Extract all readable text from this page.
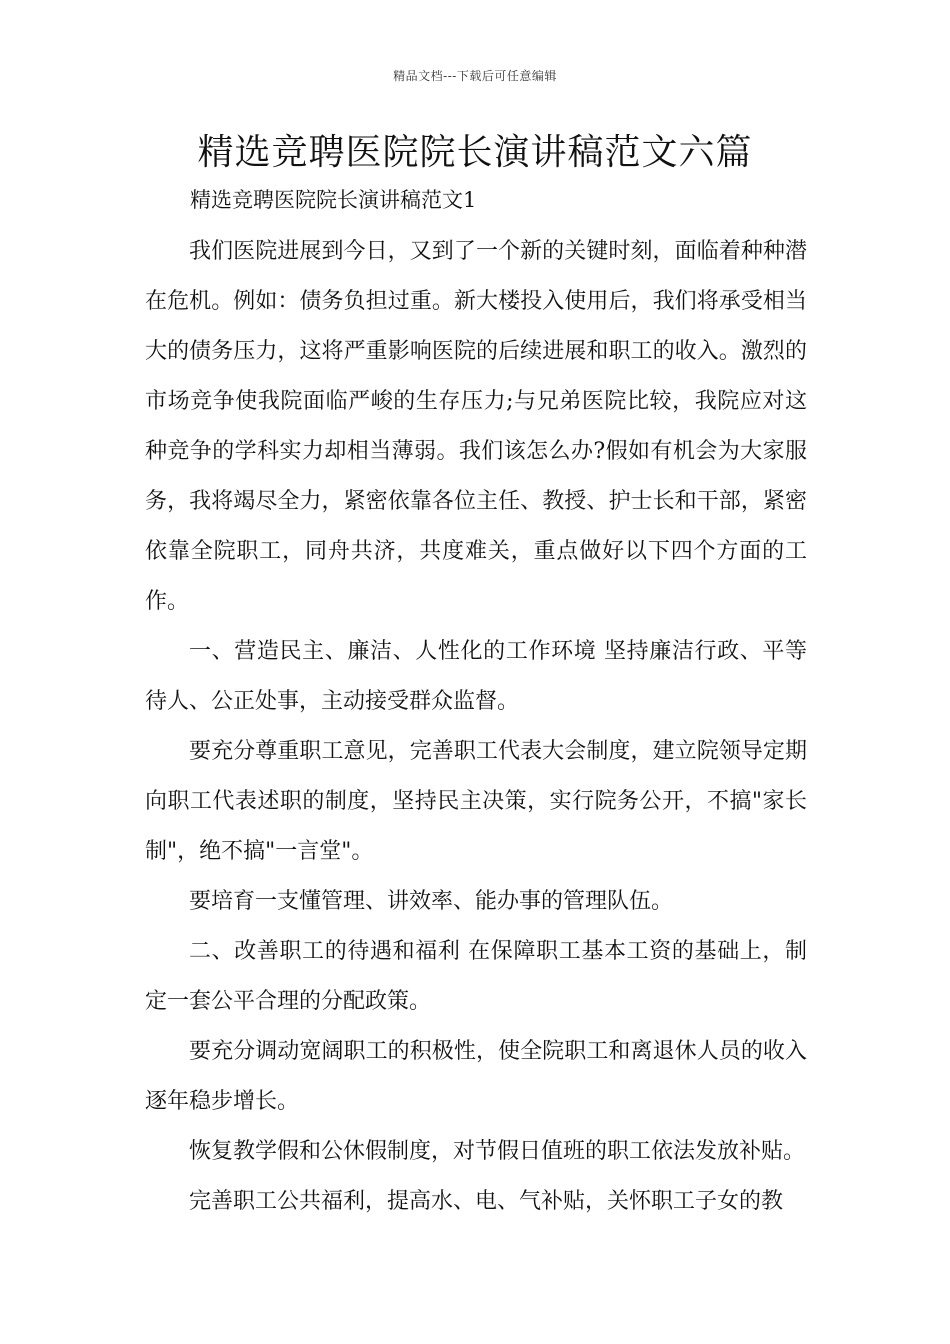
精品文档---下载后可任意编辑
精选竞聘医院院长演讲稿范文六篇
精选竞聘医院院长演讲稿范文1

我们医院进展到今日，又到了一个新的关键时刻，面临着种种潜在危机。例如：债务负担过重。新大楼投入使用后，我们将承受相当大的债务压力，这将严重影响医院的后续进展和职工的收入。激烈的市场竞争使我院面临严峻的生存压力;与兄弟医院比较，我院应对这种竞争的学科实力却相当薄弱。我们该怎么办?假如有机会为大家服务，我将竭尽全力，紧密依靠各位主任、教授、护士长和干部，紧密依靠全院职工，同舟共济，共度难关，重点做好以下四个方面的工作。

一、营造民主、廉洁、人性化的工作环境 坚持廉洁行政、平等待人、公正处事，主动接受群众监督。

要充分尊重职工意见，完善职工代表大会制度，建立院领导定期向职工代表述职的制度，坚持民主决策，实行院务公开，不搞"家长制"，绝不搞"一言堂"。

要培育一支懂管理、讲效率、能办事的管理队伍。

二、改善职工的待遇和福利 在保障职工基本工资的基础上，制定一套公平合理的分配政策。

要充分调动宽阔职工的积极性，使全院职工和离退休人员的收入逐年稳步增长。

恢复教学假和公休假制度，对节假日值班的职工依法发放补贴。

完善职工公共福利，提高水、电、气补贴，关怀职工子女的教
